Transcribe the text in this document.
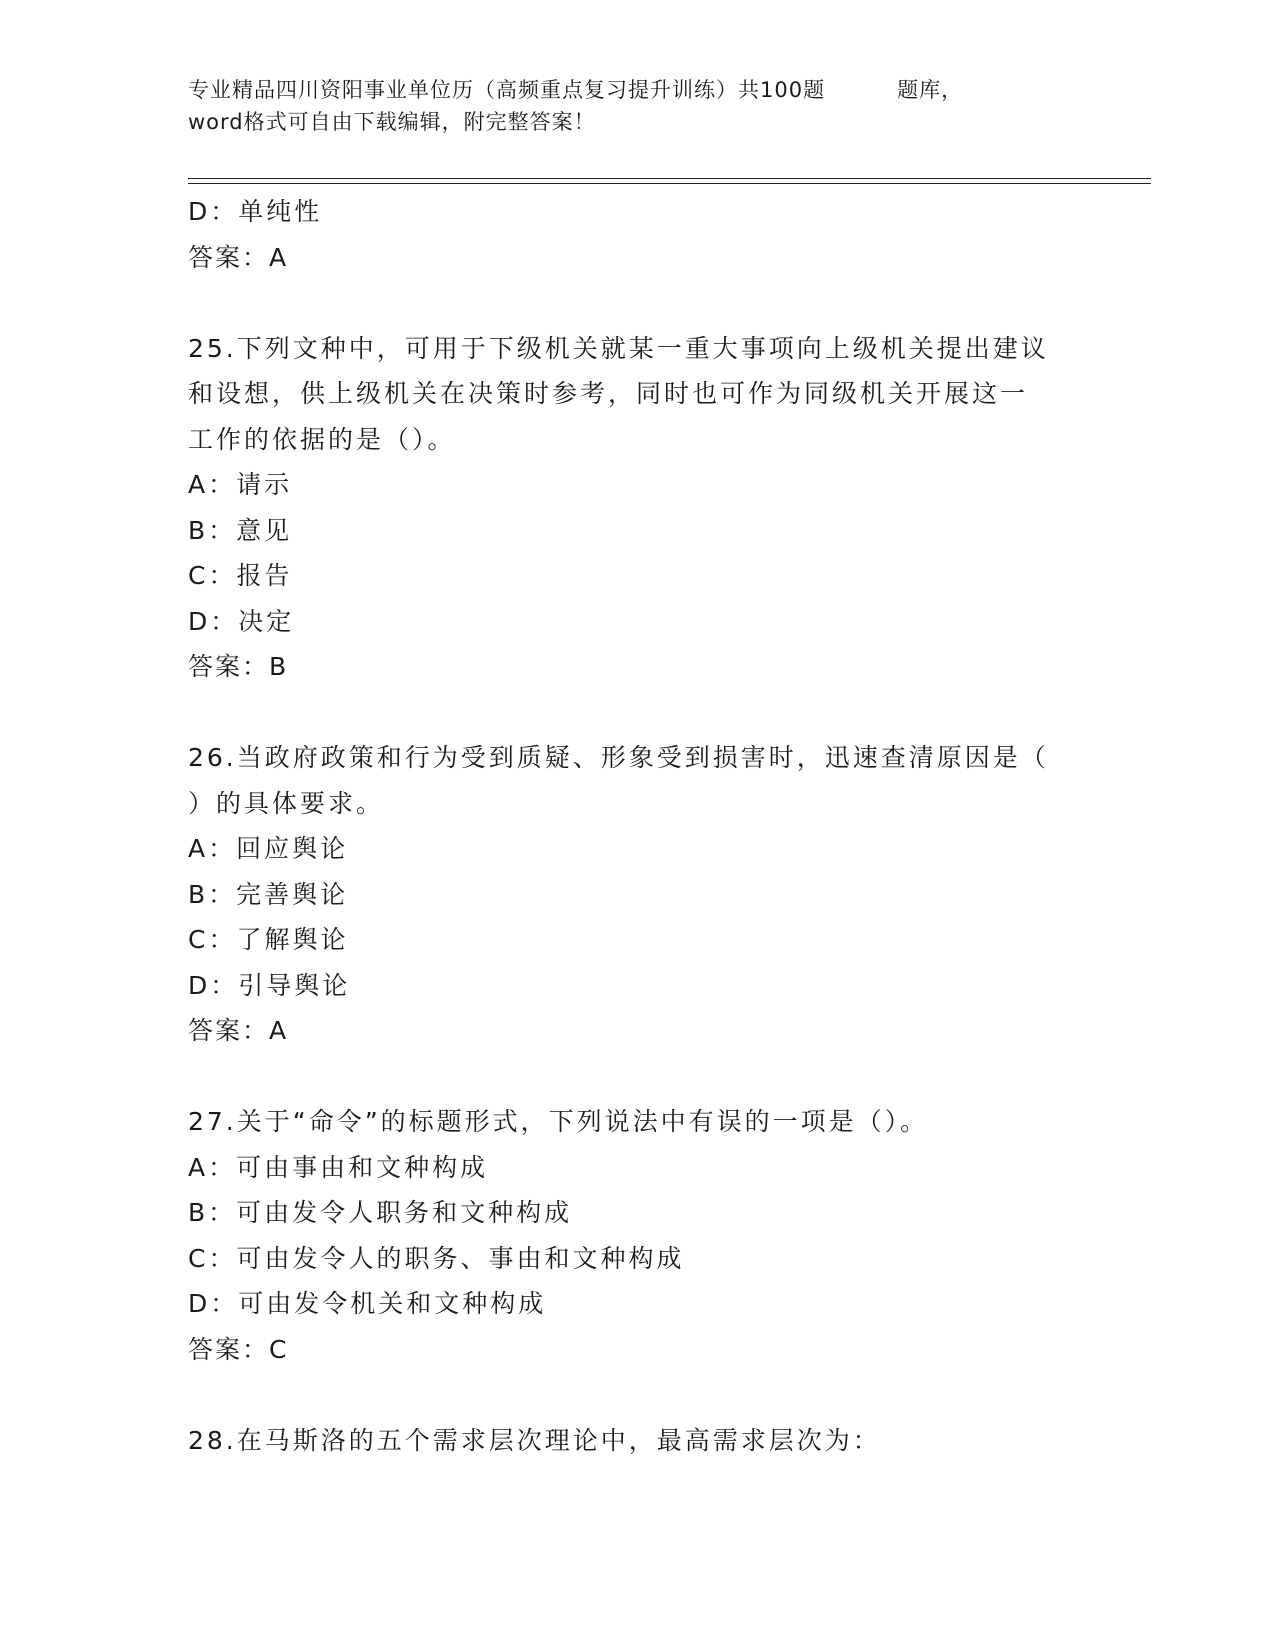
专业精品四川资阳事业单位历（高频重点复习提升训练）共100题	题库，
word格式可自由下载编辑，附完整答案！
D：单纯性
答案：A
25.下列文种中，可用于下级机关就某一重大事项向上级机关提出建议
和设想，供上级机关在决策时参考，同时也可作为同级机关开展这一
工作的依据的是（）。
A：请示
B：意见
C：报告
D：决定
答案：B
26.当政府政策和行为受到质疑、形象受到损害时，迅速查清原因是（
）的具体要求。
A：回应舆论
B：完善舆论
C：了解舆论
D：引导舆论
答案：A
27.关于“命令”的标题形式，下列说法中有误的一项是（）。
A：可由事由和文种构成
B：可由发令人职务和文种构成
C：可由发令人的职务、事由和文种构成
D：可由发令机关和文种构成
答案：C
28.在马斯洛的五个需求层次理论中，最高需求层次为：
